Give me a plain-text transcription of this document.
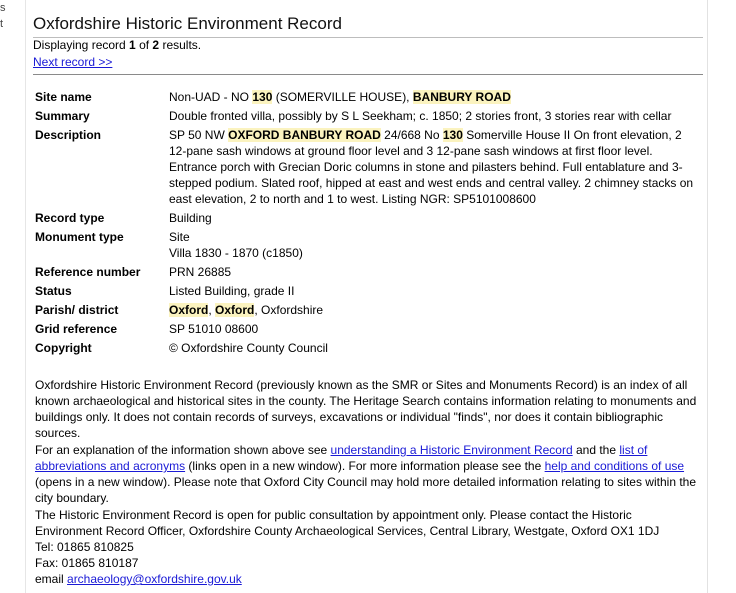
s
t Oxfordshire Historic Environment Record
Displaying record 1 of 2 results.
Next record >>
Site name	Non-UAD - NO 130 (SOMERVILLE HOUSE), BANBURY ROAD
Summary	Double fronted villa, possibly by S L Seekham; c. 1850; 2 stories front, 3 stories rear with cellar
Description	SP 50 NW OXFORD BANBURY ROAD 24/668 No 130 Somerville House II On front elevation, 2 12-pane sash windows at ground floor level and 3 12-pane sash windows at first floor level. Entrance porch with Grecian Doric columns in stone and pilasters behind. Full entablature and 3- stepped podium. Slated roof, hipped at east and west ends and central valley. 2 chimney stacks on east elevation, 2 to north and 1 to west. Listing NGR: SP5101008600
Record type	Building
Monument type	Site
Villa 1830 - 1870 (c1850)
Reference number	PRN 26885
Status	Listed Building, grade II
Parish/ district	Oxford, Oxford, Oxfordshire
Grid reference	SP 51010 08600
Copyright	© Oxfordshire County Council

Oxfordshire Historic Environment Record (previously known as the SMR or Sites and Monuments Record) is an index of all known archaeological and historical sites in the county. The Heritage Search contains information relating to monuments and buildings only. It does not contain records of surveys, excavations or individual "finds", nor does it contain bibliographic sources.

For an explanation of the information shown above see understanding a Historic Environment Record and the list of abbreviations and acronyms (links open in a new window). For more information please see the help and conditions of use (opens in a new window). Please note that Oxford City Council may hold more detailed information relating to sites within the city boundary.

The Historic Environment Record is open for public consultation by appointment only. Please contact the Historic Environment Record Officer, Oxfordshire County Archaeological Services, Central Library, Westgate, Oxford OX1 1DJ
Tel: 01865 810825
Fax: 01865 810187
email archaeology@oxfordshire.gov.uk
